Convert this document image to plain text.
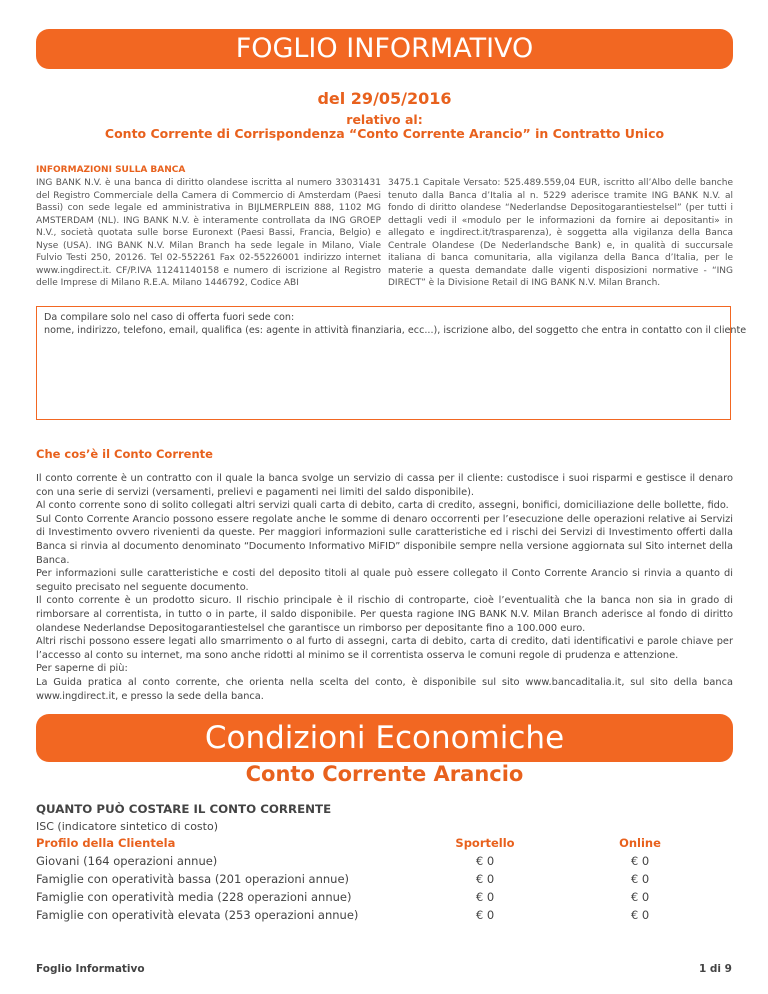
FOGLIO INFORMATIVO
del 29/05/2016
relativo al:
Conto Corrente di Corrispondenza “Conto Corrente Arancio” in Contratto Unico
INFORMAZIONI SULLA BANCA
ING BANK N.V. è una banca di diritto olandese iscritta al numero 33031431 del Registro Commerciale della Camera di Commercio di Amsterdam (Paesi Bassi) con sede legale ed amministrativa in BIJLMERPLEIN 888, 1102 MG AMSTERDAM (NL). ING BANK N.V. è interamente controllata da ING GROEP N.V., società quotata sulle borse Euronext (Paesi Bassi, Francia, Belgio) e Nyse (USA). ING BANK N.V. Milan Branch ha sede legale in Milano, Viale Fulvio Testi 250, 20126. Tel 02-552261 Fax 02-55226001 indirizzo internet www.ingdirect.it. CF/P.IVA 11241140158 e numero di iscrizione al Registro delle Imprese di Milano R.E.A. Milano 1446792, Codice ABI
3475.1 Capitale Versato: 525.489.559,04 EUR, iscritto all’Albo delle banche tenuto dalla Banca d’Italia al n. 5229 aderisce tramite ING BANK N.V. al fondo di diritto olandese “Nederlandse Depositogarantiestelsel” (per tutti i dettagli vedi il «modulo per le informazioni da fornire ai depositanti» in allegato e ingdirect.it/trasparenza), è soggetta alla vigilanza della Banca Centrale Olandese (De Nederlandsche Bank) e, in qualità di succursale italiana di banca comunitaria, alla vigilanza della Banca d’Italia, per le materie a questa demandate dalle vigenti disposizioni normative - “ING DIRECT” è la Divisione Retail di ING BANK N.V. Milan Branch.
Da compilare solo nel caso di offerta fuori sede con:
nome, indirizzo, telefono, email, qualifica (es: agente in attività finanziaria, ecc...), iscrizione albo, del soggetto che entra in contatto con il cliente
Che cos’è il Conto Corrente

Il conto corrente è un contratto con il quale la banca svolge un servizio di cassa per il cliente: custodisce i suoi risparmi e gestisce il denaro con una serie di servizi (versamenti, prelievi e pagamenti nei limiti del saldo disponibile).

Al conto corrente sono di solito collegati altri servizi quali carta di debito, carta di credito, assegni, bonifici, domiciliazione delle bollette, fido.

Sul Conto Corrente Arancio possono essere regolate anche le somme di denaro occorrenti per l’esecuzione delle operazioni relative ai Servizi di Investimento ovvero rivenienti da queste. Per maggiori informazioni sulle caratteristiche ed i rischi dei Servizi di Investimento offerti dalla Banca si rinvia al documento denominato “Documento Informativo MiFID” disponibile sempre nella versione aggiornata sul Sito internet della Banca.

Per informazioni sulle caratteristiche e costi del deposito titoli al quale può essere collegato il Conto Corrente Arancio si rinvia a quanto di seguito precisato nel seguente documento.

Il conto corrente è un prodotto sicuro. Il rischio principale è il rischio di controparte, cioè l’eventualità che la banca non sia in grado di rimborsare al correntista, in tutto o in parte, il saldo disponibile. Per questa ragione ING BANK N.V. Milan Branch aderisce al fondo di diritto olandese Nederlandse Depositogarantiestelsel che garantisce un rimborso per depositante fino a 100.000 euro.

Altri rischi possono essere legati allo smarrimento o al furto di assegni, carta di debito, carta di credito, dati identificativi e parole chiave per l’accesso al conto su internet, ma sono anche ridotti al minimo se il correntista osserva le comuni regole di prudenza e attenzione.

Per saperne di più:

La Guida pratica al conto corrente, che orienta nella scelta del conto, è disponibile sul sito www.bancaditalia.it, sul sito della banca www.ingdirect.it, e presso la sede della banca.

Condizioni Economiche
Conto Corrente Arancio
QUANTO PUÒ COSTARE IL CONTO CORRENTE
ISC (indicatore sintetico di costo)
Profilo della Clientela	Sportello	Online
Giovani (164 operazioni annue)	€ 0	€ 0
Famiglie con operatività bassa (201 operazioni annue)	€ 0	€ 0
Famiglie con operatività media (228 operazioni annue)	€ 0	€ 0
Famiglie con operatività elevata (253 operazioni annue)	€ 0	€ 0
Foglio Informativo	1 di 9
